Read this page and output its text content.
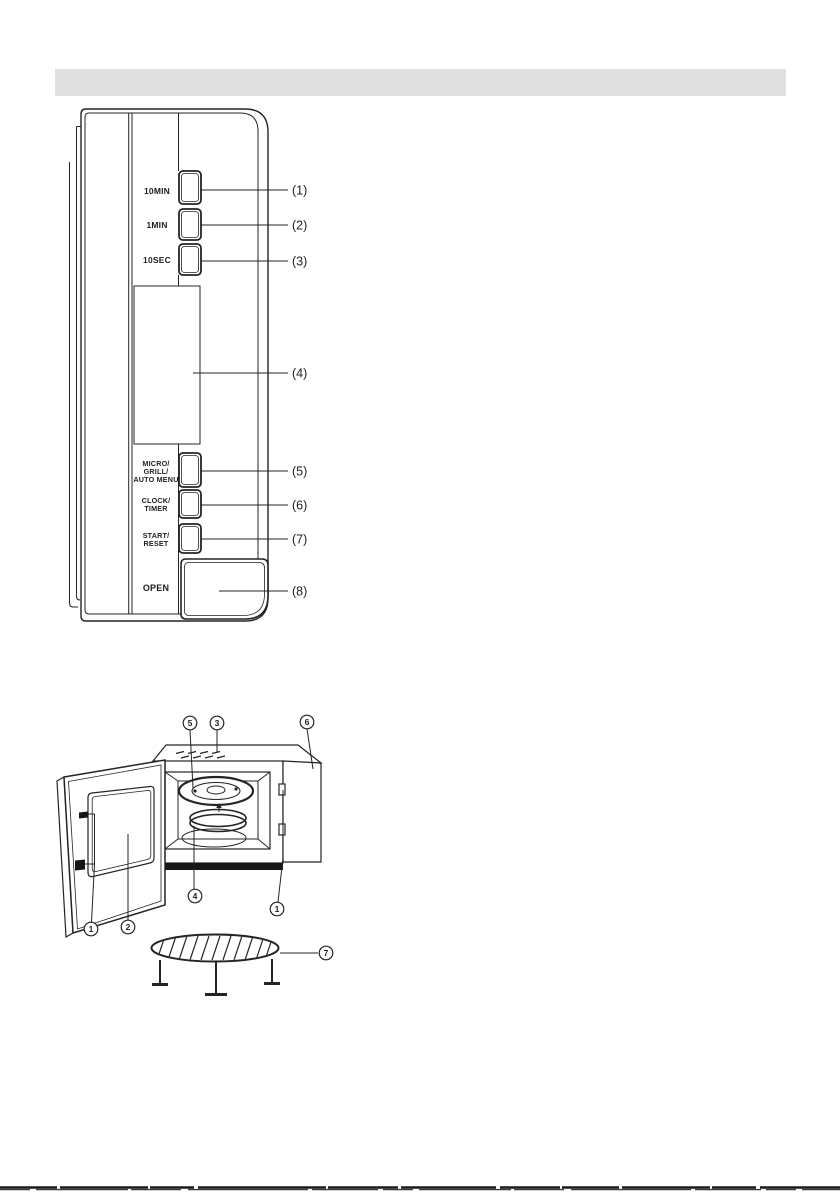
10MIN
1MIN
10SEC
MICRO/
GRILL/
AUTO MENU
CLOCK/
TIMER
START/
RESET
OPEN
(1)
(2)
(3)
(4)
(5)
(6)
(7)
(8)
5	3	6
1	2
4
1
7
